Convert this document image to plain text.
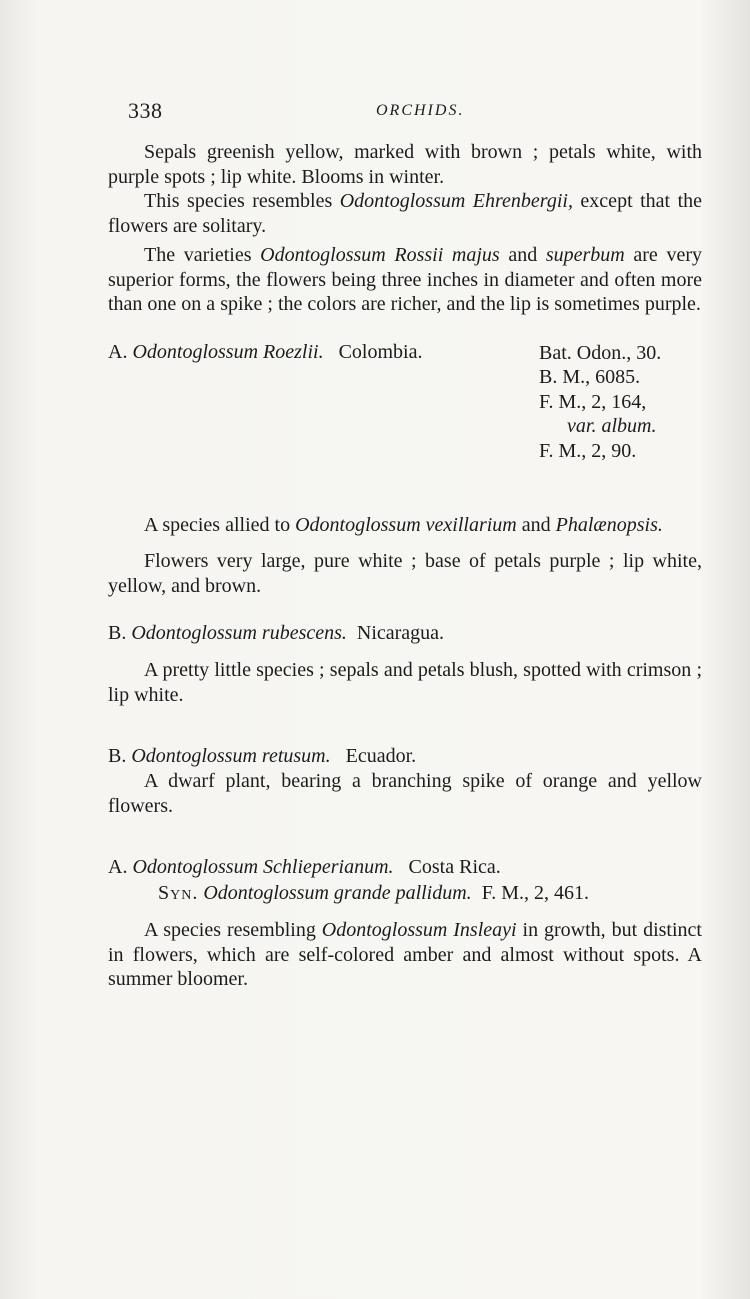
338	ORCHIDS.

Sepals greenish yellow, marked with brown ; petals white, with purple spots ; lip white. Blooms in winter.

This species resembles Odontoglossum Ehrenbergii, except that the flowers are solitary.

The varieties Odontoglossum Rossii majus and superbum are very superior forms, the flowers being three inches in diameter and often more than one on a spike ; the colors are richer, and the lip is sometimes purple.

A.
Odontoglossum Roezlii.
Colombia.	Bat. Odon., 30.
B. M., 6085.
F. M., 2, 164,
var. album.
F. M., 2, 90.

A species allied to Odontoglossum vexillarium and Phalænopsis.

Flowers very large, pure white ; base of petals purple ; lip white, yellow, and brown.

B.
Odontoglossum rubescens.
Nicaragua.

A pretty little species ; sepals and petals blush, spotted with crimson ; lip white.

B.
Odontoglossum retusum.
Ecuador.

A dwarf plant, bearing a branching spike of orange and yellow flowers.

A.
Odontoglossum Schlieperianum.
Costa Rica.
Syn.
Odontoglossum grande pallidum.
F. M., 2, 461.

A species resembling Odontoglossum Insleayi in growth, but distinct in flowers, which are self-colored amber and almost without spots. A summer bloomer.
